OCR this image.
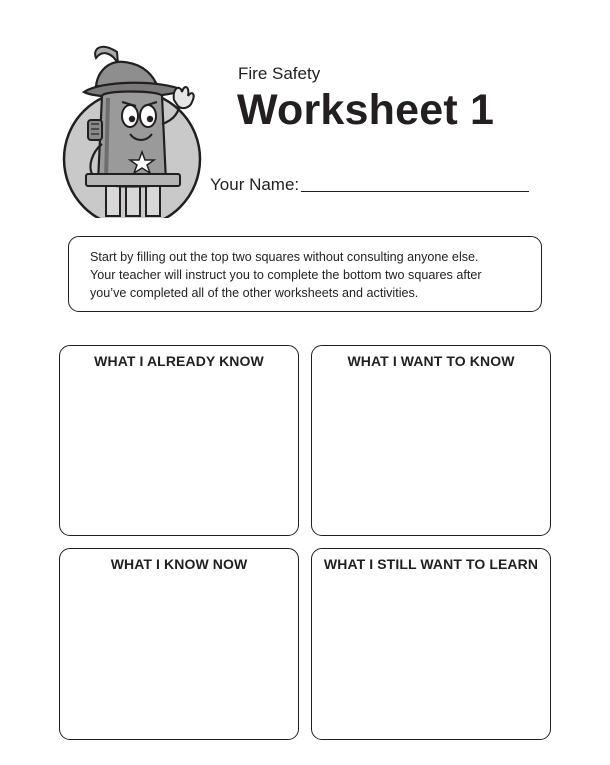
Fire Safety
Worksheet 1
Your Name:
Start by filling out the top two squares without consulting anyone else.
Your teacher will instruct you to complete the bottom two squares after
you’ve completed all of the other worksheets and activities.
WHAT I ALREADY KNOW	WHAT I WANT TO KNOW
WHAT I KNOW NOW	WHAT I STILL WANT TO LEARN
